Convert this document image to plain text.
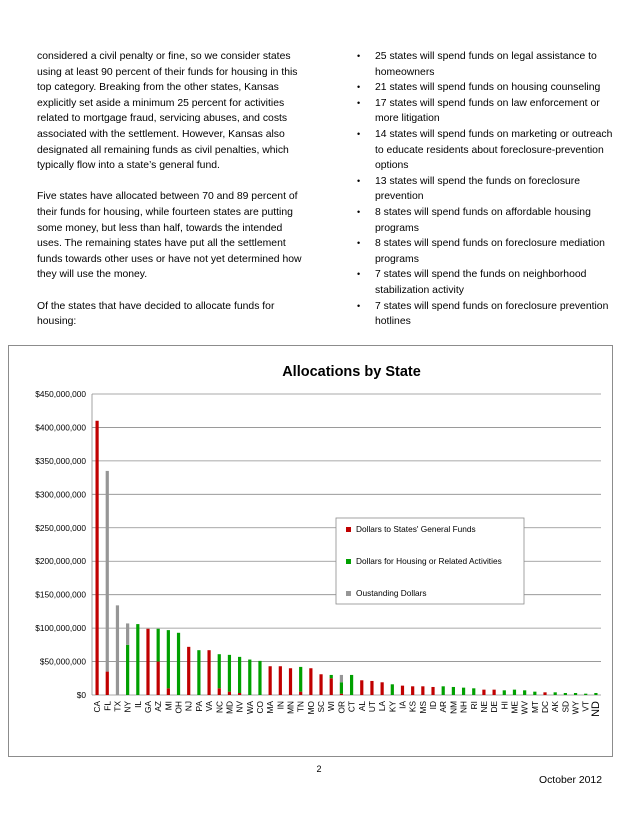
considered a civil penalty or fine, so we consider states using at least 90 percent of their funds for housing in this top category. Breaking from the other states, Kansas explicitly set aside a minimum 25 percent for activities related to mortgage fraud, servicing abuses, and costs associated with the settlement. However, Kansas also designated all remaining funds as civil penalties, which typically flow into a state’s general fund.

Five states have allocated between 70 and 89 percent of their funds for housing, while fourteen states are putting some money, but less than half, towards the intended uses. The remaining states have put all the settlement funds towards other uses or have not yet determined how they will use the money.

Of the states that have decided to allocate funds for housing:

• 25 states will spend funds on legal assistance to homeowners
• 21 states will spend funds on housing counseling
• 17 states will spend funds on law enforcement or more litigation
• 14 states will spend funds on marketing or outreach to educate residents about foreclosure-prevention options
• 13 states will spend the funds on foreclosure prevention
• 8 states will spend funds on affordable housing programs
• 8 states will spend funds on foreclosure mediation programs
• 7 states will spend the funds on neighborhood stabilization activity
• 7 states will spend funds on foreclosure prevention hotlines
Allocations by State
$0
$50,000,000
$100,000,000
$150,000,000
$200,000,000
$250,000,000
$300,000,000
$350,000,000
$400,000,000
$450,000,000
CA FL TX NY IL GA AZ MI OH NJ PA VA NC MD NV WA CO MA IN MN TN MO SC WI OR CT AL UT LA KY IA KS MS ID AR NM NH RI NE DE HI ME WV MT DC AK SD WY VT ND
Dollars to States' General Funds
Dollars for Housing or Related Activities
Oustanding Dollars
2
October 2012
